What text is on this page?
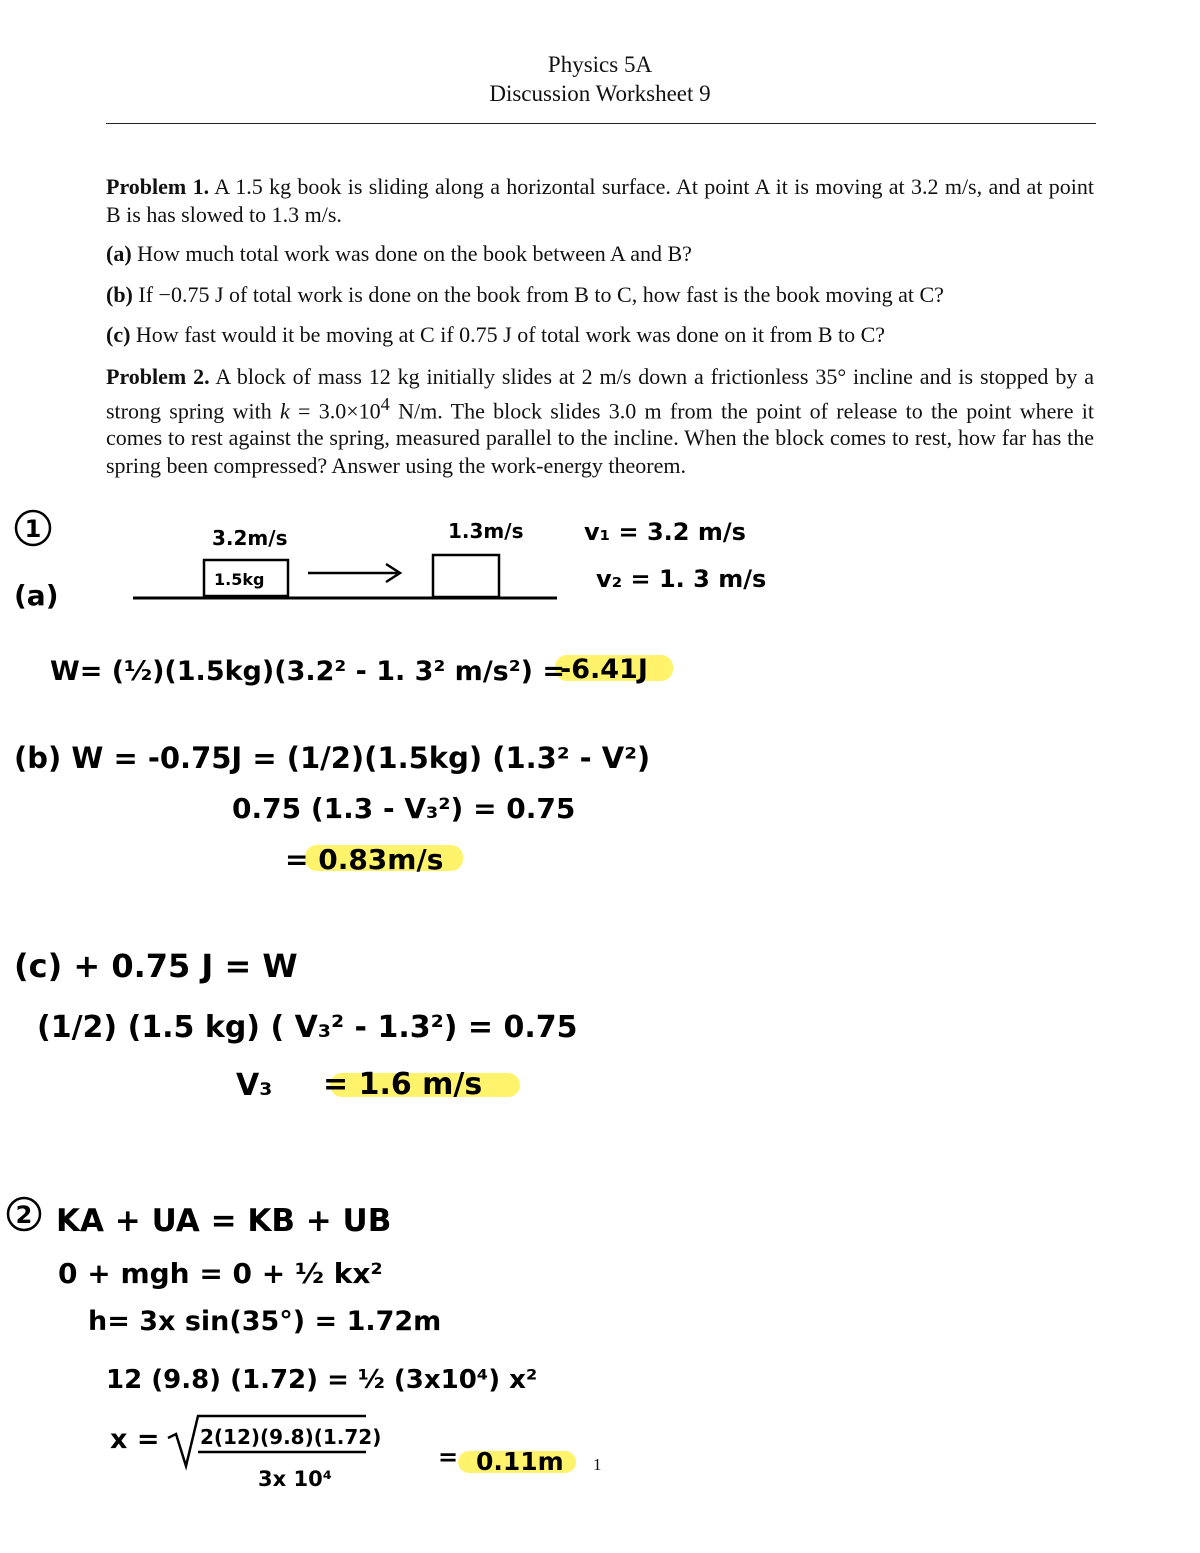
Physics 5A
Discussion Worksheet 9
Problem 1. A 1.5 kg book is sliding along a horizontal surface. At point A it is moving at 3.2 m/s, and at point B is has slowed to 1.3 m/s.
(a) How much total work was done on the book between A and B?
(b) If −0.75 J of total work is done on the book from B to C, how fast is the book moving at C?
(c) How fast would it be moving at C if 0.75 J of total work was done on it from B to C?
Problem 2. A block of mass 12 kg initially slides at 2 m/s down a frictionless 35° incline and is stopped by a strong spring with $k = 3.0\times 10^4$ N/m. The block slides 3.0 m from the point of release to the point where it comes to rest against the spring, measured parallel to the incline. When the block comes to rest, how far has the spring been compressed? Answer using the work-energy theorem.
1
(a)
3.2m/s	1.3m/s
1.5kg
v₁ = 3.2 m/s
v₂ = 1. 3 m/s
W= (½)(1.5kg)(3.2² - 1. 3² m/s²) =
-6.41J
(b) W = -0.75J = (1/2)(1.5kg) (1.3² - V²)
0.75 (1.3 - V₃²) = 0.75
= 0.83m/s
(c) + 0.75 J = W
(1/2) (1.5 kg) ( V₃² - 1.3²) = 0.75
V₃ = 1.6 m/s
2 KA + UA = KB + UB
0 + mgh = 0 + ½ kx²
h= 3x sin(35°) = 1.72m
12 (9.8) (1.72) = ½ (3x10⁴) x²
x = 2(12)(9.8)(1.72)
3x 10⁴
= 0.11m 1
